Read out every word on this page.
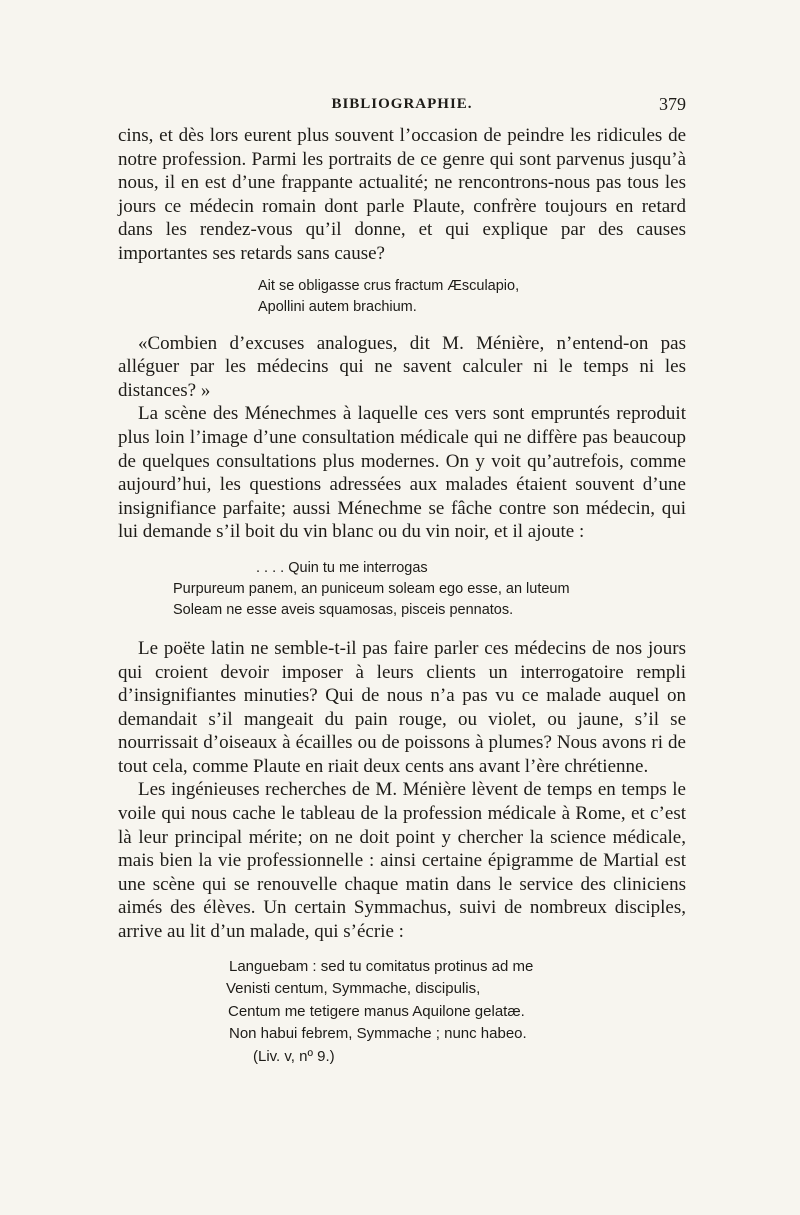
BIBLIOGRAPHIE.	379

cins, et dès lors eurent plus souvent l’occasion de peindre les ridicules de notre profession. Parmi les portraits de ce genre qui sont parvenus jusqu’à nous, il en est d’une frappante actualité; ne rencontrons-nous pas tous les jours ce médecin romain dont parle Plaute, confrère toujours en retard dans les rendez-vous qu’il donne, et qui explique par des causes importantes ses retards sans cause?

Ait se obligasse crus fractum Æsculapio,
Apollini autem brachium.

«Combien d’excuses analogues, dit M. Ménière, n’entend-on pas alléguer par les médecins qui ne savent calculer ni le temps ni les distances? »

La scène des Ménechmes à laquelle ces vers sont empruntés reproduit plus loin l’image d’une consultation médicale qui ne diffère pas beaucoup de quelques consultations plus modernes. On y voit qu’autrefois, comme aujourd’hui, les questions adressées aux malades étaient souvent d’une insignifiance parfaite; aussi Ménechme se fâche contre son médecin, qui lui demande s’il boit du vin blanc ou du vin noir, et il ajoute :

. . . . Quin tu me interrogas
Purpureum panem, an puniceum soleam ego esse, an luteum
Soleam ne esse aveis squamosas, pisceis pennatos.

Le poëte latin ne semble-t-il pas faire parler ces médecins de nos jours qui croient devoir imposer à leurs clients un interrogatoire rempli d’insignifiantes minuties? Qui de nous n’a pas vu ce malade auquel on demandait s’il mangeait du pain rouge, ou violet, ou jaune, s’il se nourrissait d’oiseaux à écailles ou de poissons à plumes? Nous avons ri de tout cela, comme Plaute en riait deux cents ans avant l’ère chrétienne.

Les ingénieuses recherches de M. Ménière lèvent de temps en temps le voile qui nous cache le tableau de la profession médicale à Rome, et c’est là leur principal mérite; on ne doit point y chercher la science médicale, mais bien la vie professionnelle : ainsi certaine épigramme de Martial est une scène qui se renouvelle chaque matin dans le service des cliniciens aimés des élèves. Un certain Symmachus, suivi de nombreux disciples, arrive au lit d’un malade, qui s’écrie :

Languebam : sed tu comitatus protinus ad me
Venisti centum, Symmache, discipulis,
Centum me tetigere manus Aquilone gelatæ.
Non habui febrem, Symmache ; nunc habeo.
(Liv. v, nº 9.)
